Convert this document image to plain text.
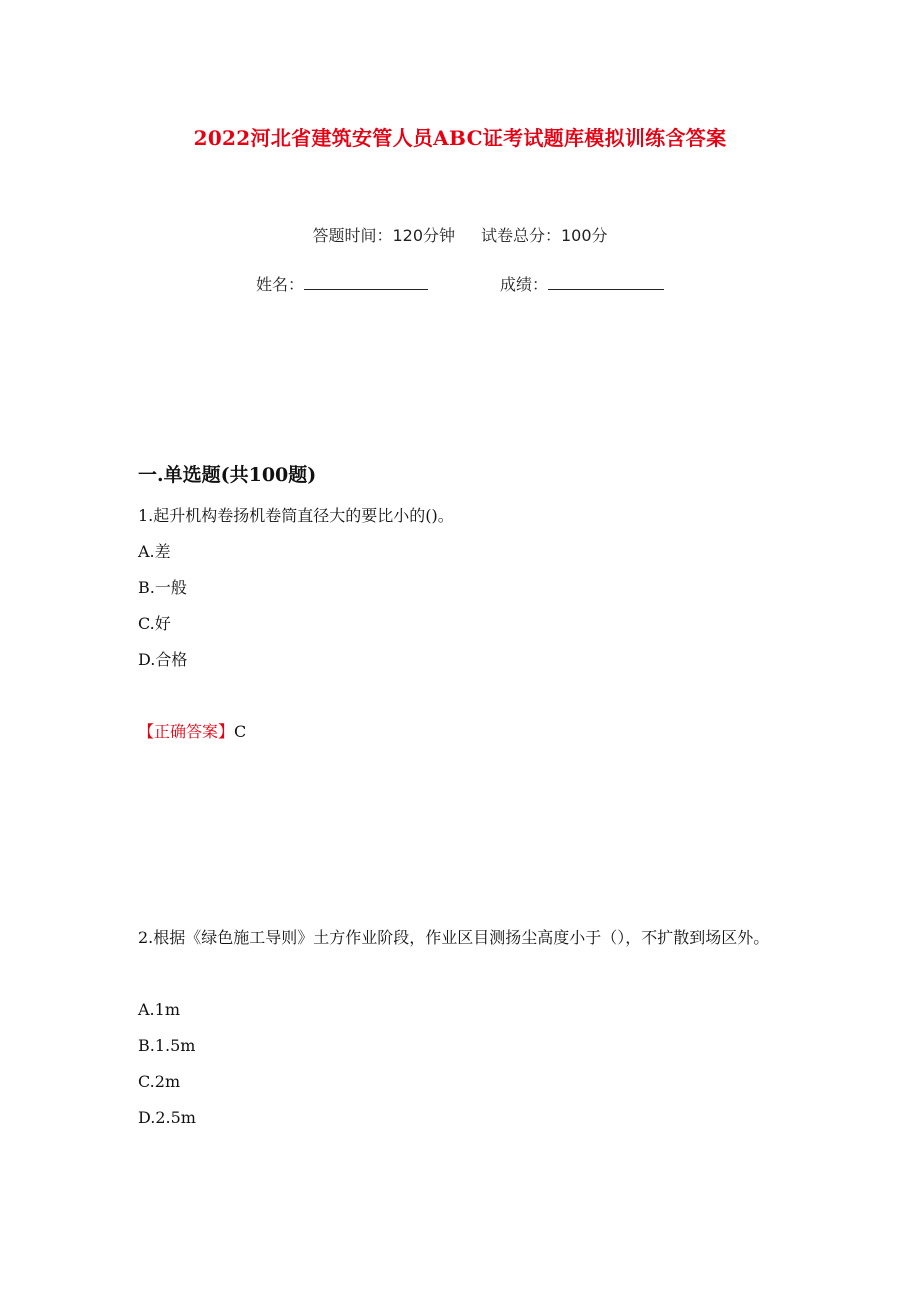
2022河北省建筑安管人员ABC证考试题库模拟训练含答案
答题时间：120分钟 试卷总分：100分
姓名：	成绩：
一.单选题(共100题)
1.起升机构卷扬机卷筒直径大的要比小的()。
A.差
B.一般
C.好
D.合格
【正确答案】C
2.根据《绿色施工导则》土方作业阶段，作业区目测扬尘高度小于（），不扩散到场区外。
A.1m
B.1.5m
C.2m
D.2.5m
